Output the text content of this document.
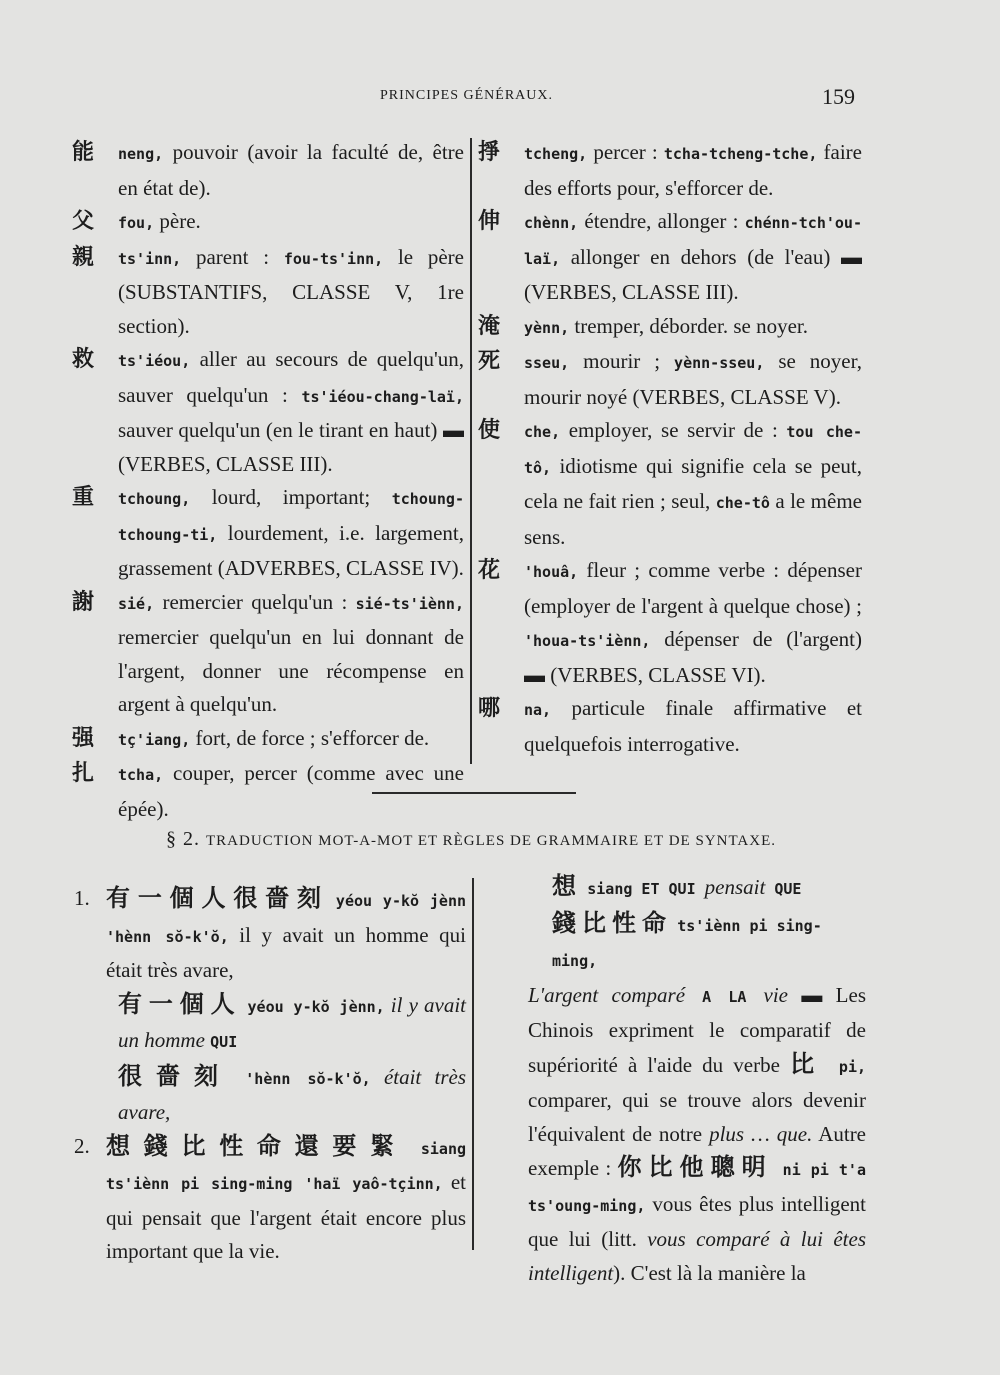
PRINCIPES GÉNÉRAUX.	159

能 neng, pouvoir (avoir la faculté de, être en état de).

父 fou, père.

親 ts'inn, parent : fou-ts'inn, le père (SUBSTANTIFS, CLASSE V, 1re section).

救 ts'iéou, aller au secours de quelqu'un, sauver quelqu'un : ts'iéou-chang-laï, sauver quelqu'un (en le tirant en haut) ▬ (VERBES, CLASSE III).

重 tchoung, lourd, important; tchoung-tchoung-ti, lourdement, i.e. largement, grassement (ADVERBES, CLASSE IV).

謝 sié, remercier quelqu'un : sié-ts'iènn, remercier quelqu'un en lui donnant de l'argent, donner une récompense en argent à quelqu'un.

强 tç'iang, fort, de force ; s'efforcer de.

扎 tcha, couper, percer (comme avec une épée).

掙 tcheng, percer : tcha-tcheng-tche, faire des efforts pour, s'efforcer de.

伸 chènn, étendre, allonger : chénn-tch'ou-laï, allonger en dehors (de l'eau) ▬ (VERBES, CLASSE III).

淹 yènn, tremper, déborder. se noyer.

死 sseu, mourir ; yènn-sseu, se noyer, mourir noyé (VERBES, CLASSE V).

使 che, employer, se servir de : tou che-tô, idiotisme qui signifie cela se peut, cela ne fait rien ; seul, che-tô a le même sens.

花 'houâ, fleur ; comme verbe : dépenser (employer de l'argent à quelque chose) ; 'houa-ts'iènn, dépenser de (l'argent) ▬ (VERBES, CLASSE VI).

哪 na, particule finale affirmative et quelquefois interrogative.

§ 2. TRADUCTION MOT-A-MOT ET RÈGLES DE GRAMMAIRE ET DE SYNTAXE.

1. 有一個人很嗇刻 yéou y-kŏ jènn 'hènn sŏ-k'ŏ, il y avait un homme qui était très avare,

有一個人 yéou y-kŏ jènn, il y avait un homme QUI

很嗇刻 'hènn sŏ-k'ŏ, était très avare,

2. 想錢比性命還要緊 siang ts'iènn pi sing-ming 'haï yaô-tçinn, et qui pensait que l'argent était encore plus important que la vie.

想 siang ET QUI pensait QUE

錢比性命 ts'iènn pi sing-ming,

L'argent comparé A LA vie ▬ Les Chinois expriment le comparatif de supériorité à l'aide du verbe 比 pi, comparer, qui se trouve alors devenir l'équivalent de notre plus … que. Autre exemple : 你比他聰明 ni pi t'a ts'oung-ming, vous êtes plus intelligent que lui (litt. vous comparé à lui êtes intelligent). C'est là la manière la
